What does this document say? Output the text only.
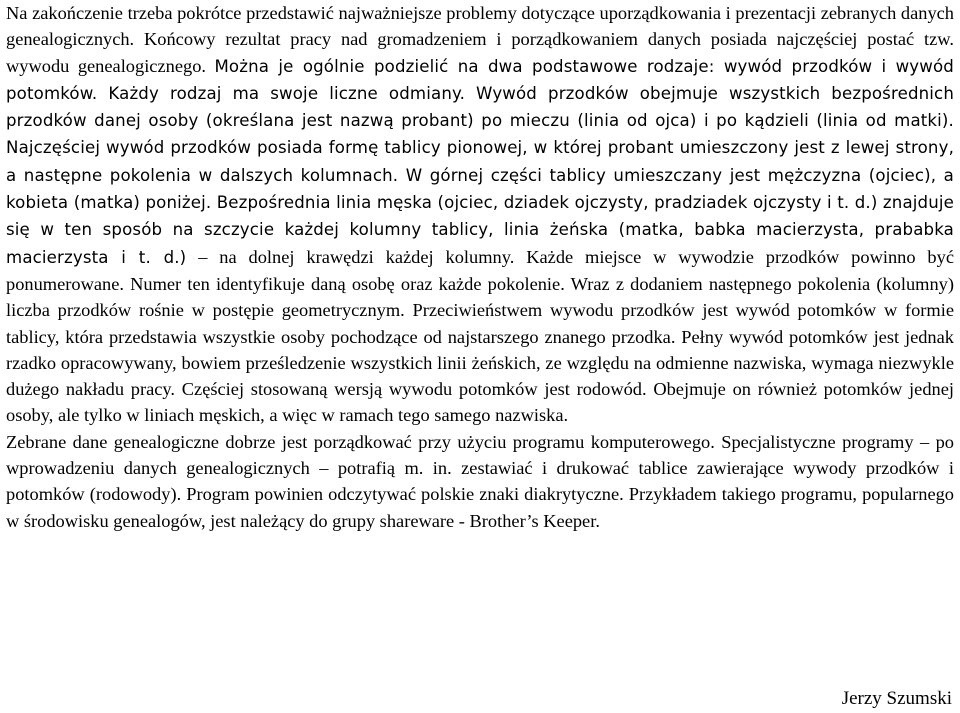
Na zakończenie trzeba pokrótce przedstawić najważniejsze problemy dotyczące uporządkowania i prezentacji zebranych danych genealogicznych. Końcowy rezultat pracy nad gromadzeniem i porządkowaniem danych posiada najczęściej postać tzw. wywodu genealogicznego. Można je ogólnie podzielić na dwa podstawowe rodzaje: wywód przodków i wywód potomków. Każdy rodzaj ma swoje liczne odmiany. Wywód przodków obejmuje wszystkich bezpośrednich przodków danej osoby (określana jest nazwą probant) po mieczu (linia od ojca) i po kądzieli (linia od matki). Najczęściej wywód przodków posiada formę tablicy pionowej, w której probant umieszczony jest z lewej strony, a następne pokolenia w dalszych kolumnach. W górnej części tablicy umieszczany jest mężczyzna (ojciec), a kobieta (matka) poniżej. Bezpośrednia linia męska (ojciec, dziadek ojczysty, pradziadek ojczysty i t. d.) znajduje się w ten sposób na szczycie każdej kolumny tablicy, linia żeńska (matka, babka macierzysta, prababka macierzysta i t. d.) – na dolnej krawędzi każdej kolumny. Każde miejsce w wywodzie przodków powinno być ponumerowane. Numer ten identyfikuje daną osobę oraz każde pokolenie. Wraz z dodaniem następnego pokolenia (kolumny) liczba przodków rośnie w postępie geometrycznym. Przeciwieństwem wywodu przodków jest wywód potomków w formie tablicy, która przedstawia wszystkie osoby pochodzące od najstarszego znanego przodka. Pełny wywód potomków jest jednak rzadko opracowywany, bowiem prześledzenie wszystkich linii żeńskich, ze względu na odmienne nazwiska, wymaga niezwykle dużego nakładu pracy. Częściej stosowaną wersją wywodu potomków jest rodowód. Obejmuje on również potomków jednej osoby, ale tylko w liniach męskich, a więc w ramach tego samego nazwiska.

Zebrane dane genealogiczne dobrze jest porządkować przy użyciu programu komputerowego. Specjalistyczne programy – po wprowadzeniu danych genealogicznych – potrafią m. in. zestawiać i drukować tablice zawierające wywody przodków i potomków (rodowody). Program powinien odczytywać polskie znaki diakrytyczne. Przykładem takiego programu, popularnego w środowisku genealogów, jest należący do grupy shareware - Brother’s Keeper.

Jerzy Szumski
